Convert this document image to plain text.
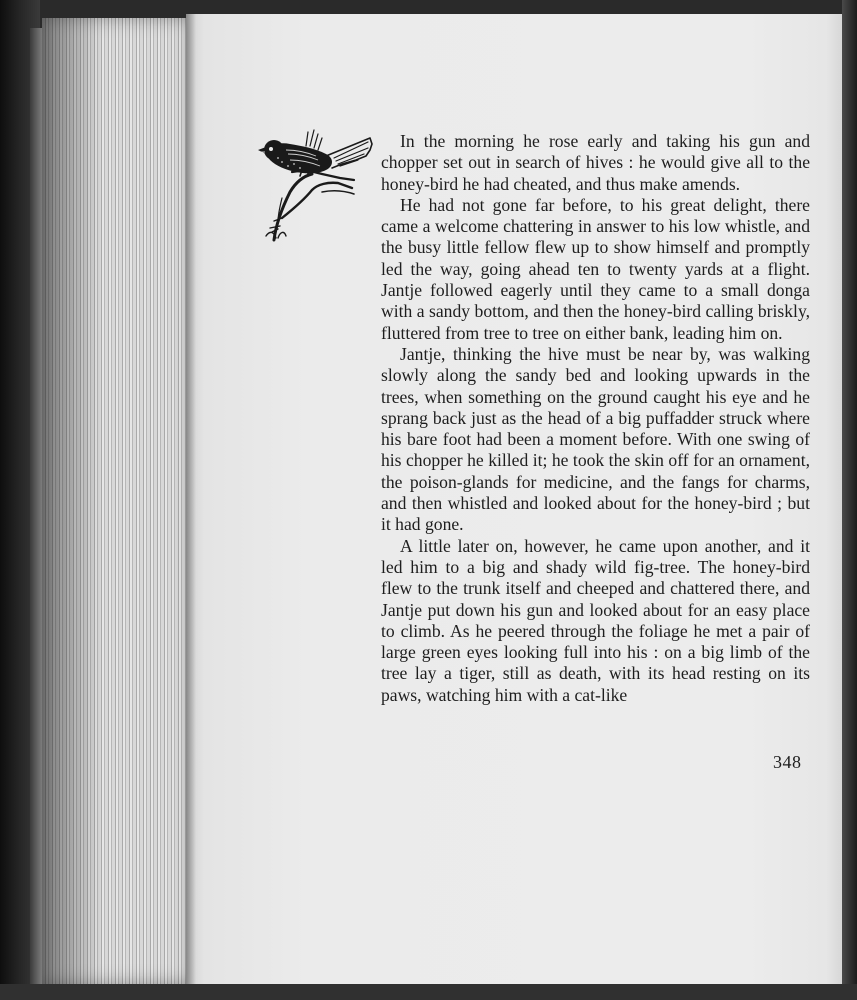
In the morning he rose early and taking his gun and chopper set out in search of hives : he would give all to the honey-bird he had cheated, and thus make amends.

He had not gone far before, to his great delight, there came a welcome chattering in answer to his low whistle, and the busy little fellow flew up to show himself and promptly led the way, going ahead ten to twenty yards at a flight. Jantje followed eagerly until they came to a small donga with a sandy bottom, and then the honey-bird calling briskly, fluttered from tree to tree on either bank, leading him on.

Jantje, thinking the hive must be near by, was walking slowly along the sandy bed and looking upwards in the trees, when something on the ground caught his eye and he sprang back just as the head of a big puffadder struck where his bare foot had been a moment before. With one swing of his chopper he killed it; he took the skin off for an ornament, the poison-glands for medicine, and the fangs for charms, and then whistled and looked about for the honey-bird ; but it had gone.

A little later on, however, he came upon another, and it led him to a big and shady wild fig-tree. The honey-bird flew to the trunk itself and cheeped and chattered there, and Jantje put down his gun and looked about for an easy place to climb. As he peered through the foliage he met a pair of large green eyes looking full into his : on a big limb of the tree lay a tiger, still as death, with its head resting on its paws, watching him with a cat-like

348
